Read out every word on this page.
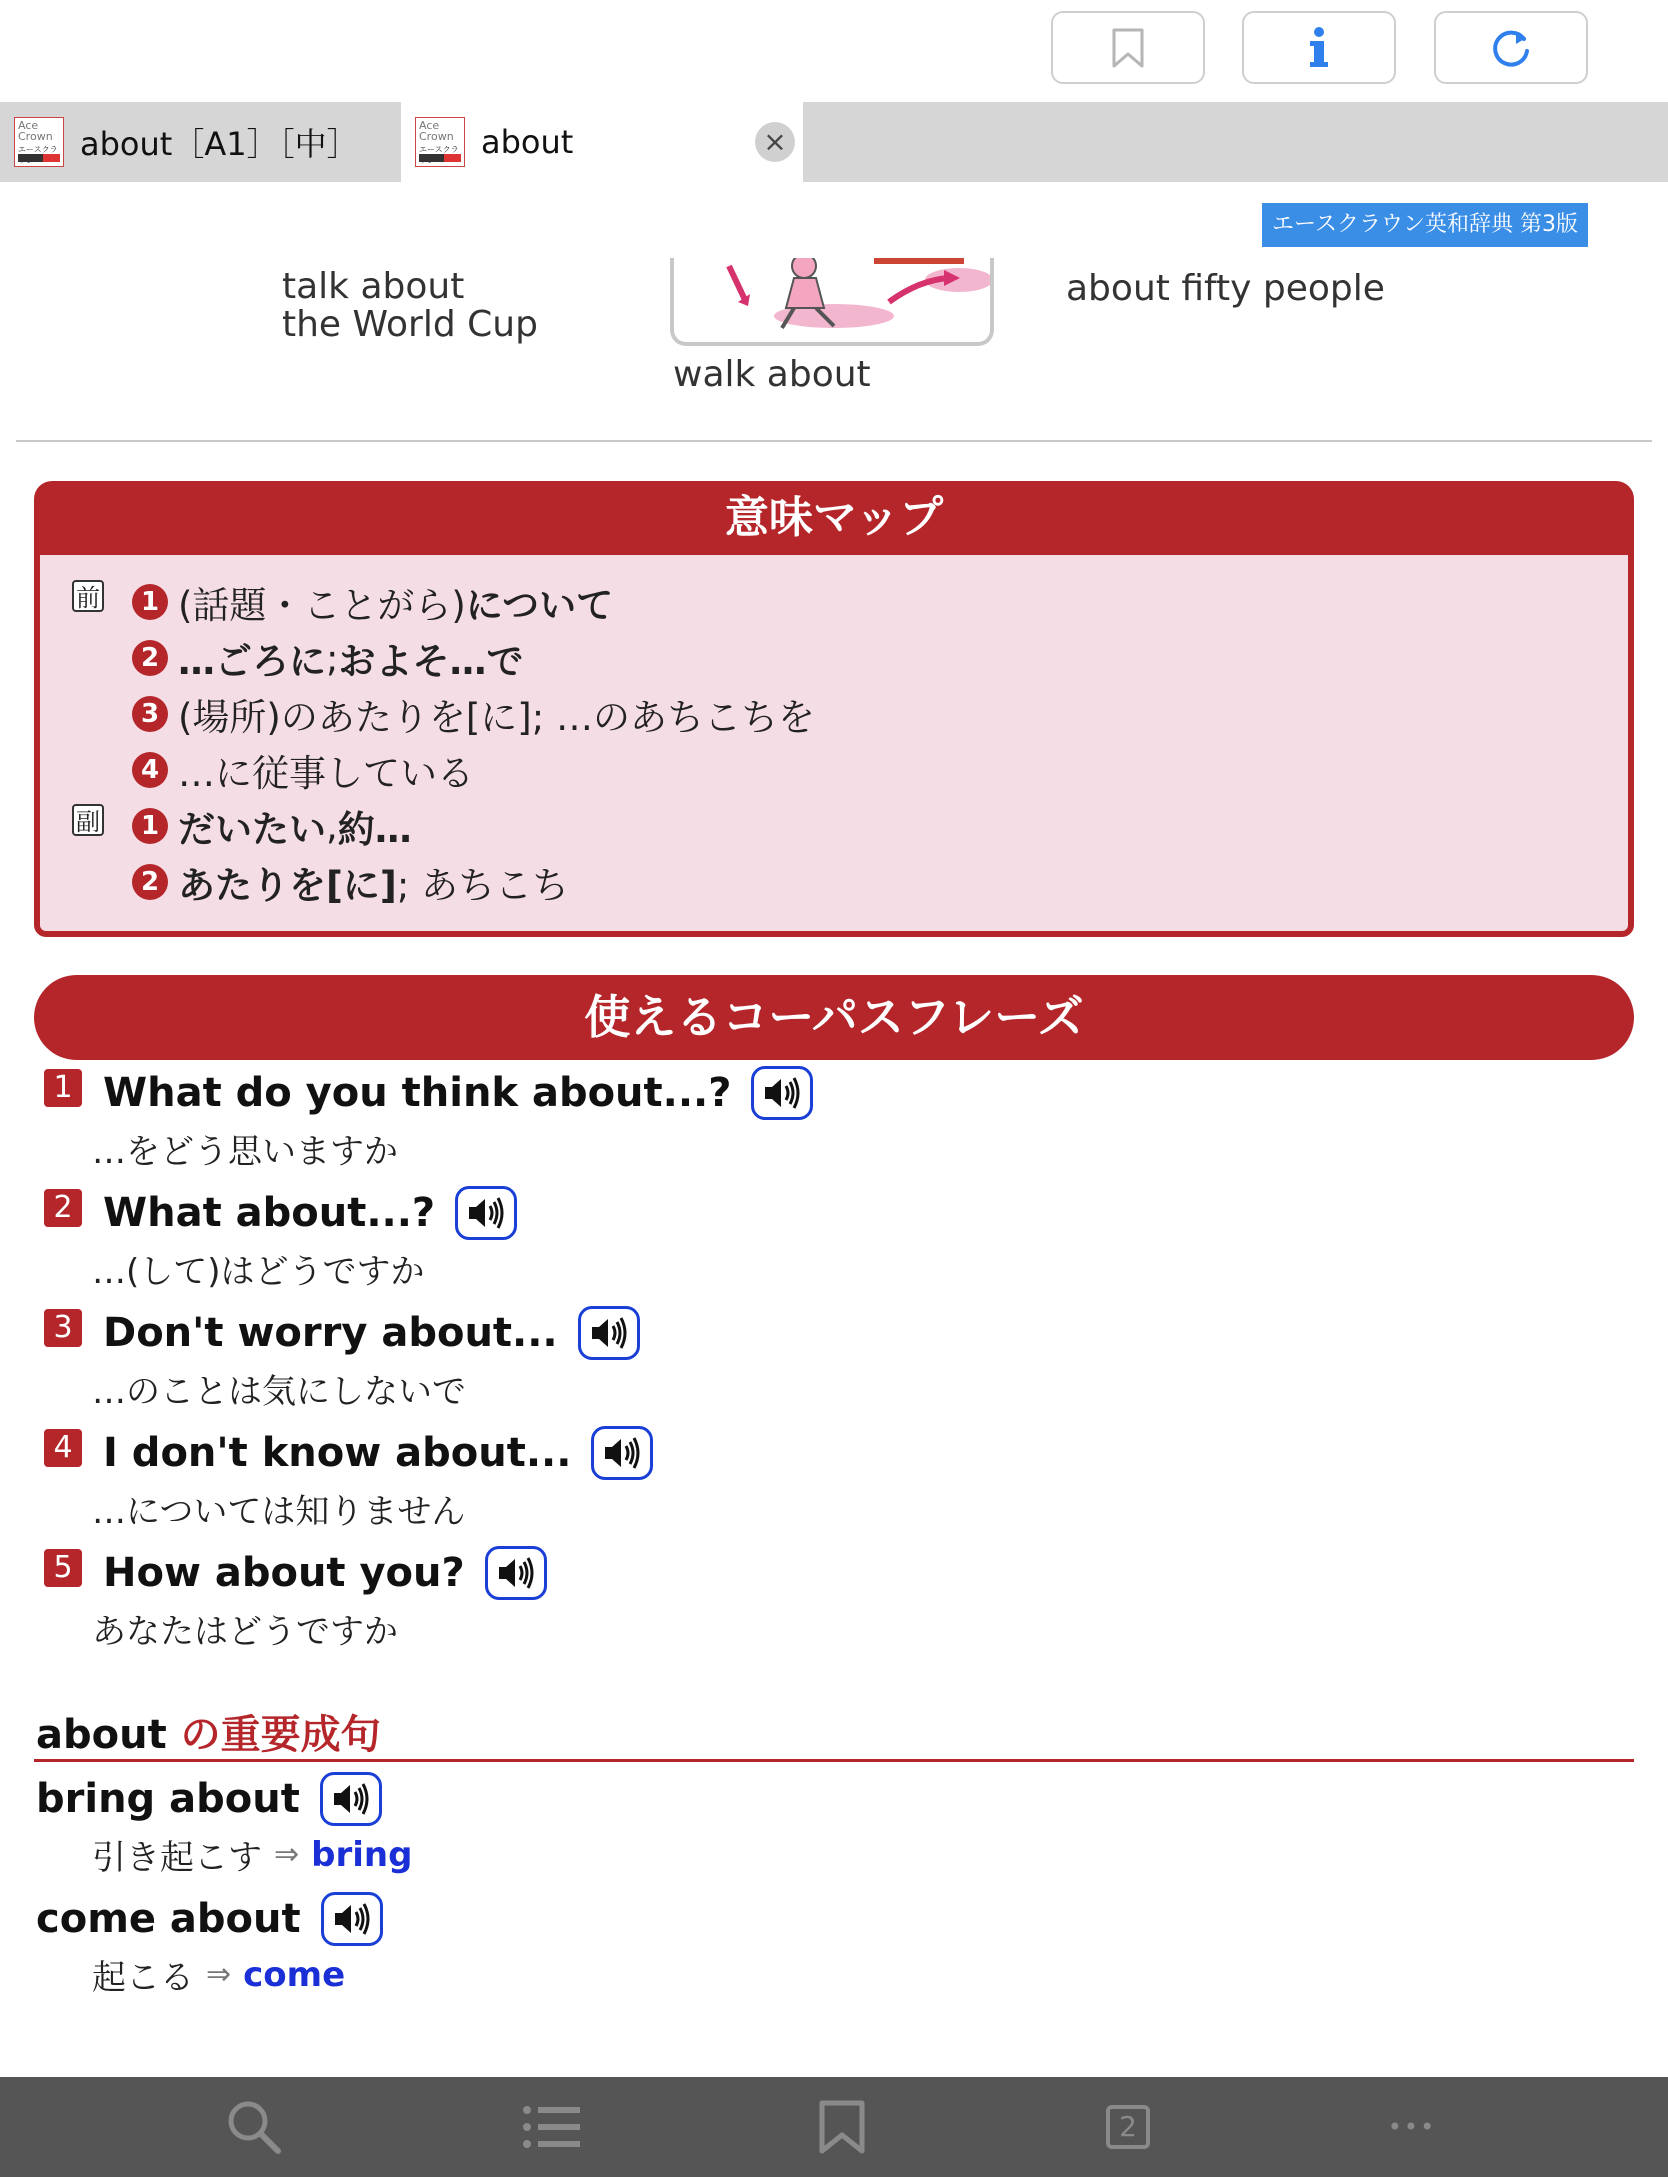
Ace
Crown
エースクラ about［A1］［中］	Ace
Crown
エースクラ about	×
エースクラウン英和辞典 第3版
talk about
the World Cup
walk about
about fifty people
意味マップ
前
副
1 (話題・ことがら) について
2 …ごろに ; およそ…で
3 (場所)のあたりを[に]; …のあちこちを
4 …に従事している
1 だいたい , 約…
2 あたりを[に] ; あちこち
使えるコーパスフレーズ
1 What do you think about...?
…をどう思いますか
2 What about...?
…(して)はどうですか
3 Don't worry about...
…のことは気にしないで
4 I don't know about...
…については知りません
5 How about you?
あなたはどうですか
about の重要成句
bring about
引き起こす ⇒ bring
come about
起こる ⇒ come
2	•••
